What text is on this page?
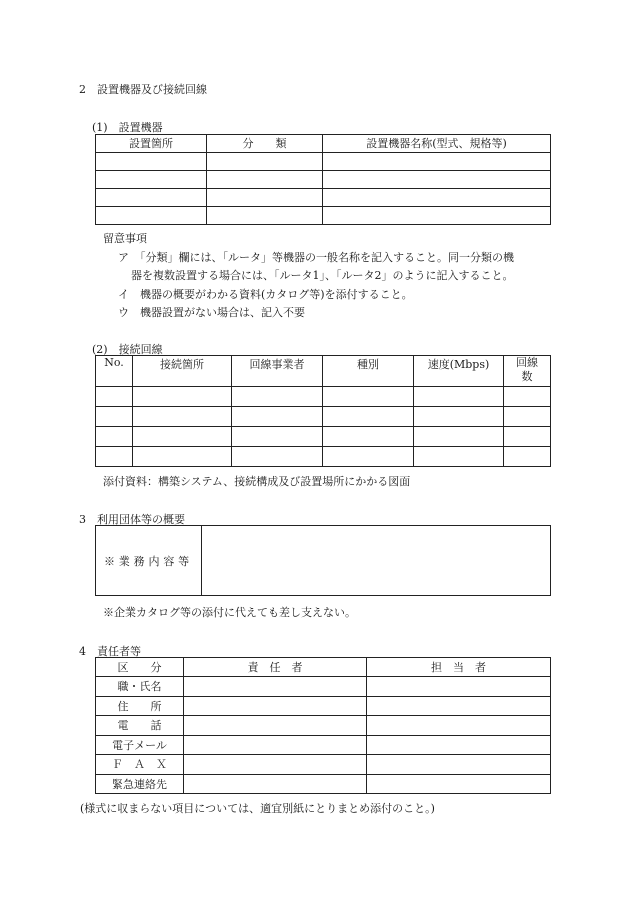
2　設置機器及び接続回線
(1)　設置機器
設置箇所	分　　類	設置機器名称(型式、規格等)

留意事項
ア　「分類」欄には、「ルータ」等機器の一般名称を記入すること。同一分類の機
器を複数設置する場合には、「ルータ1」、「ルータ2」のように記入すること。
イ　機器の概要がわかる資料(カタログ等)を添付すること。
ウ　機器設置がない場合は、記入不要
(2)　接続回線
No.	接続箇所	回線事業者	種別	速度(Mbps)	回線
数

添付資料：構築システム、接続構成及び設置場所にかかる図面
3　利用団体等の概要
※業務内容等	
※企業カタログ等の添付に代えても差し支えない。
4　責任者等
区　　分	責　任　者	担　当　者
職・氏名		
住　　所		
電　　話		
電子メール		
Ｆ　Ａ　Ｘ		
緊急連絡先		
(様式に収まらない項目については、適宜別紙にとりまとめ添付のこと。)
